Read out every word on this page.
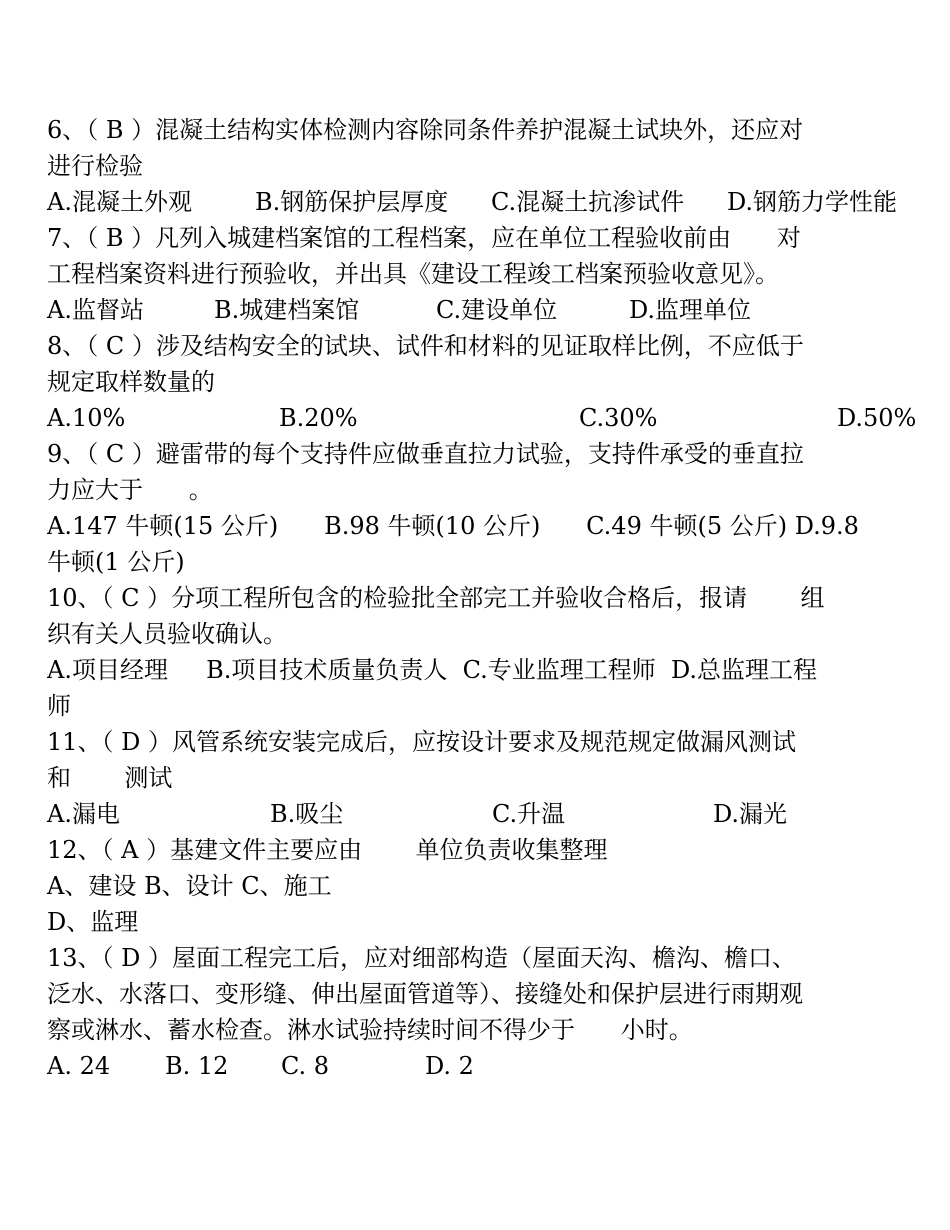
6、（ B ）混凝土结构实体检测内容除同条件养护混凝土试块外，还应对
进行检验
A.混凝土外观	B.钢筋保护层厚度	C.混凝土抗渗试件	D.钢筋力学性能
7、（ B ）凡列入城建档案馆的工程档案，应在单位工程验收前由      对
工程档案资料进行预验收，并出具《建设工程竣工档案预验收意见》。
A.监督站	B.城建档案馆	C.建设单位	D.监理单位
8、（ C ）涉及结构安全的试块、试件和材料的见证取样比例，不应低于
规定取样数量的
A.10%	B.20%	C.30%	D.50%
9、（ C ）避雷带的每个支持件应做垂直拉力试验，支持件承受的垂直拉
力应大于      。
A.147 牛顿(15 公斤)      B.98 牛顿(10 公斤)      C.49 牛顿(5 公斤) D.9.8
牛顿(1 公斤)
10、（ C ）分项工程所包含的检验批全部完工并验收合格后，报请       组
织有关人员验收确认。
A.项目经理     B.项目技术质量负责人  C.专业监理工程师  D.总监理工程
师
11、（ D ）风管系统安装完成后，应按设计要求及规范规定做漏风测试
和       测试
A.漏电	B.吸尘	C.升温	D.漏光
12、（ A ）基建文件主要应由       单位负责收集整理
A、建设 B、设计 C、施工
D、监理
13、（ D ）屋面工程完工后，应对细部构造（屋面天沟、檐沟、檐口、
泛水、水落口、变形缝、伸出屋面管道等）、接缝处和保护层进行雨期观
察或淋水、蓄水检查。淋水试验持续时间不得少于      小时。
A. 24	B. 12	C. 8	D. 2
